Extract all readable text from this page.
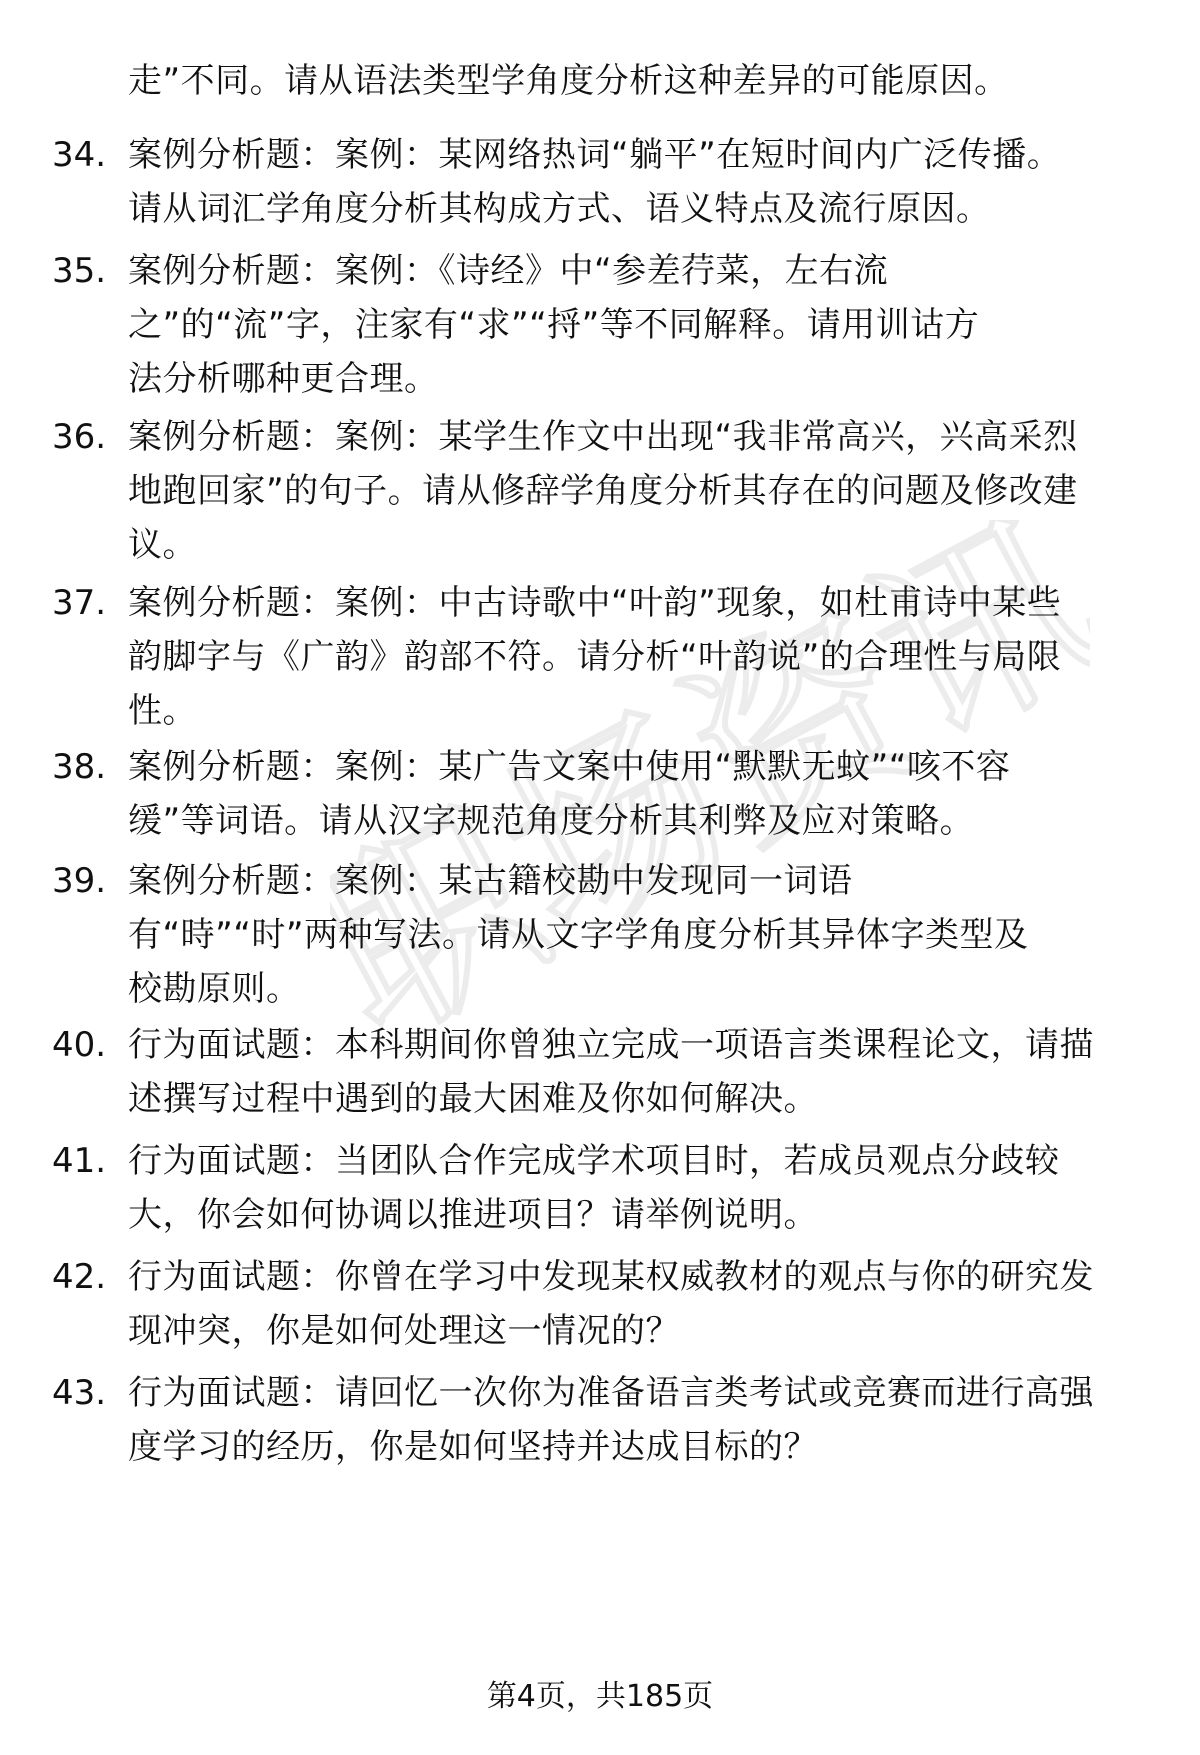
职场资讯
走”不同。请从语法类型学角度分析这种差异的可能原因。
34. 案例分析题：案例：某网络热词“躺平”在短时间内广泛传播。
请从词汇学角度分析其构成方式、语义特点及流行原因。
35. 案例分析题：案例：《诗经》中“参差荇菜，左右流
之”的“流”字，注家有“求”“捋”等不同解释。请用训诂方
法分析哪种更合理。
36. 案例分析题：案例：某学生作文中出现“我非常高兴，兴高采烈
地跑回家”的句子。请从修辞学角度分析其存在的问题及修改建
议。
37. 案例分析题：案例：中古诗歌中“叶韵”现象，如杜甫诗中某些
韵脚字与《广韵》韵部不符。请分析“叶韵说”的合理性与局限
性。
38. 案例分析题：案例：某广告文案中使用“默默无蚊”“咳不容
缓”等词语。请从汉字规范角度分析其利弊及应对策略。
39. 案例分析题：案例：某古籍校勘中发现同一词语
有“時”“时”两种写法。请从文字学角度分析其异体字类型及
校勘原则。
40. 行为面试题：本科期间你曾独立完成一项语言类课程论文，请描
述撰写过程中遇到的最大困难及你如何解决。
41. 行为面试题：当团队合作完成学术项目时，若成员观点分歧较
大，你会如何协调以推进项目？请举例说明。
42. 行为面试题：你曾在学习中发现某权威教材的观点与你的研究发
现冲突，你是如何处理这一情况的？
43. 行为面试题：请回忆一次你为准备语言类考试或竞赛而进行高强
度学习的经历，你是如何坚持并达成目标的？
第4页，共185页
